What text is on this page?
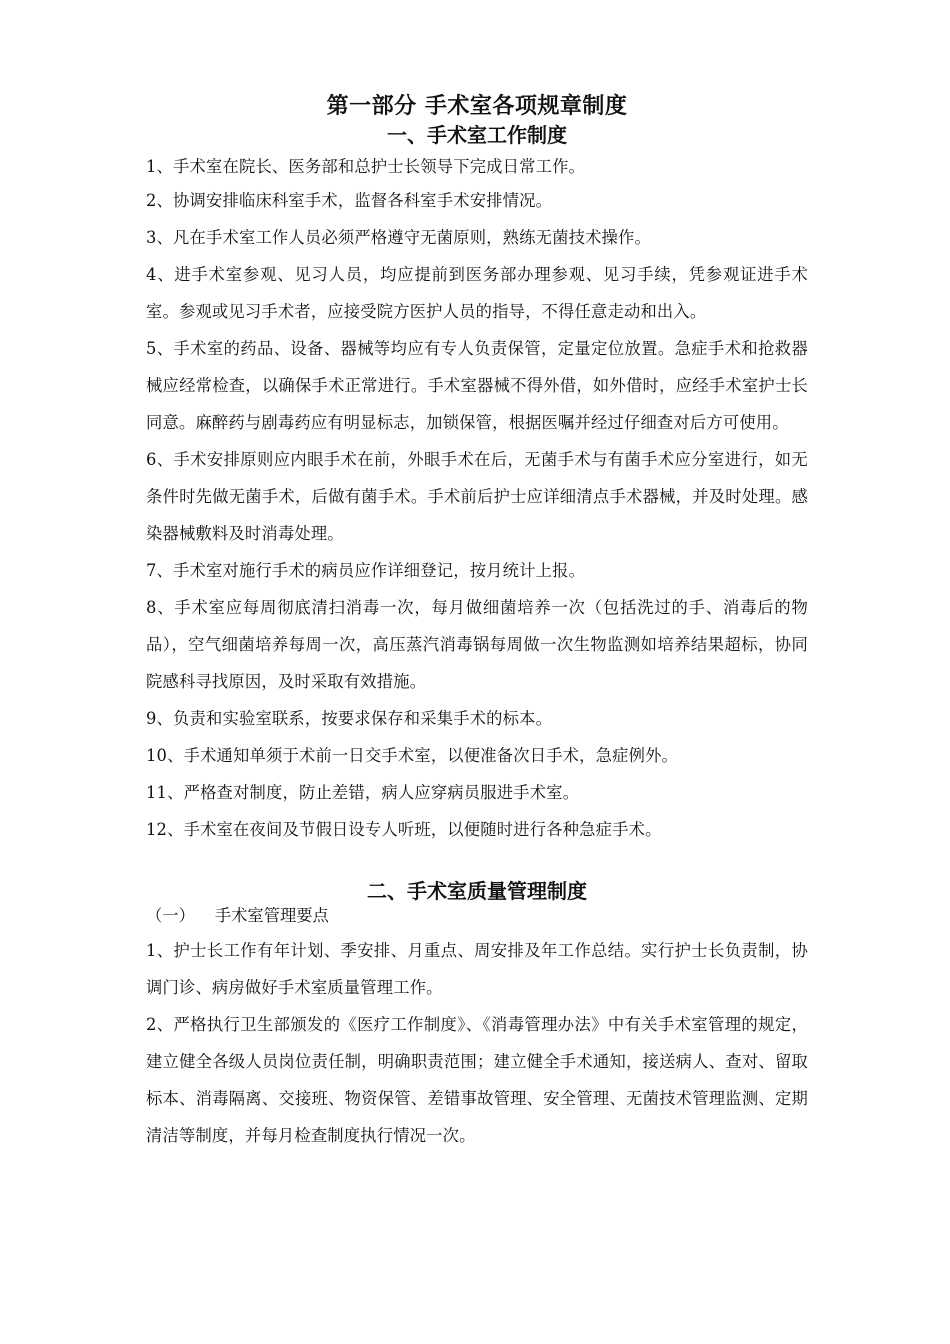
第一部分 手术室各项规章制度
一、手术室工作制度

1、手术室在院长、医务部和总护士长领导下完成日常工作。

2、协调安排临床科室手术，监督各科室手术安排情况。

3、凡在手术室工作人员必须严格遵守无菌原则，熟练无菌技术操作。

4、进手术室参观、见习人员，均应提前到医务部办理参观、见习手续，凭参观证进手术室。参观或见习手术者，应接受院方医护人员的指导，不得任意走动和出入。

5、手术室的药品、设备、器械等均应有专人负责保管，定量定位放置。急症手术和抢救器械应经常检查，以确保手术正常进行。手术室器械不得外借，如外借时，应经手术室护士长同意。麻醉药与剧毒药应有明显标志，加锁保管，根据医嘱并经过仔细查对后方可使用。

6、手术安排原则应内眼手术在前，外眼手术在后，无菌手术与有菌手术应分室进行，如无条件时先做无菌手术，后做有菌手术。手术前后护士应详细清点手术器械，并及时处理。感染器械敷料及时消毒处理。

7、手术室对施行手术的病员应作详细登记，按月统计上报。

8、手术室应每周彻底清扫消毒一次，每月做细菌培养一次（包括洗过的手、消毒后的物品），空气细菌培养每周一次，高压蒸汽消毒锅每周做一次生物监测如培养结果超标，协同院感科寻找原因，及时采取有效措施。

9、负责和实验室联系，按要求保存和采集手术的标本。

10、手术通知单须于术前一日交手术室，以便准备次日手术，急症例外。

11、严格查对制度，防止差错，病人应穿病员服进手术室。

12、手术室在夜间及节假日设专人听班，以便随时进行各种急症手术。

二、手术室质量管理制度

（一） 手术室管理要点

1、护士长工作有年计划、季安排、月重点、周安排及年工作总结。实行护士长负责制，协调门诊、病房做好手术室质量管理工作。

2、严格执行卫生部颁发的《医疗工作制度》、《消毒管理办法》中有关手术室管理的规定，建立健全各级人员岗位责任制，明确职责范围；建立健全手术通知，接送病人、查对、留取标本、消毒隔离、交接班、物资保管、差错事故管理、安全管理、无菌技术管理监测、定期清洁等制度，并每月检查制度执行情况一次。
